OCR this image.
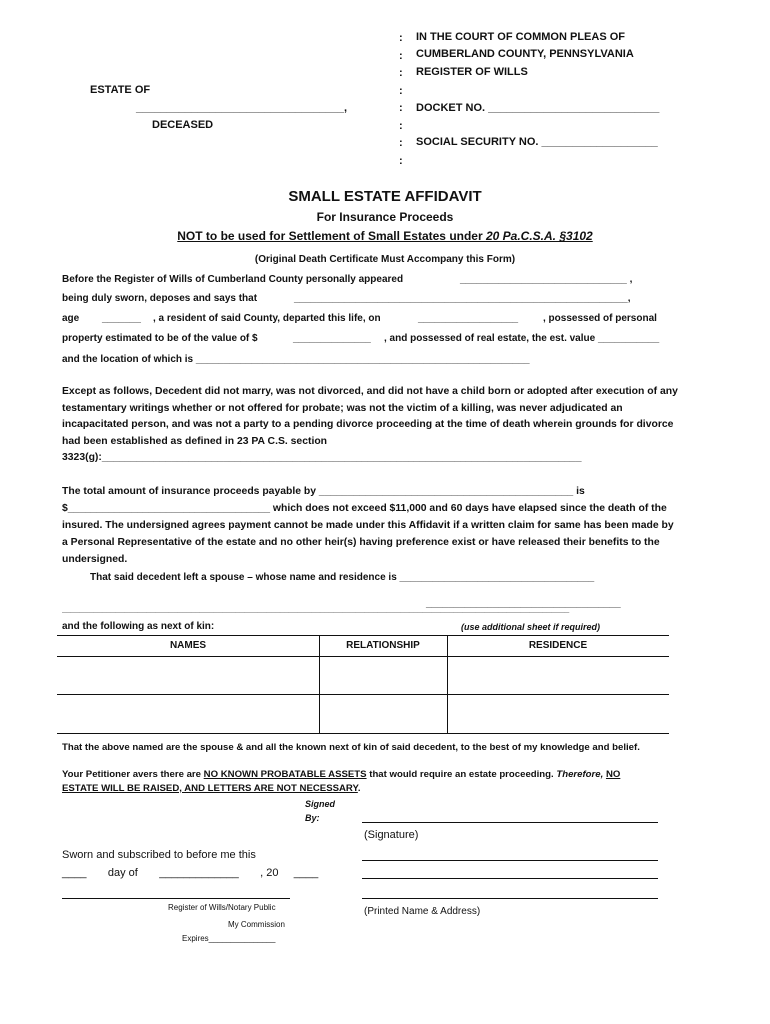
:
:
:
:
:
:
:
:
IN THE COURT OF COMMON PLEAS OF
CUMBERLAND COUNTY, PENNSYLVANIA
REGISTER OF WILLS
ESTATE OF
__________________________________,	DOCKET NO. ____________________________
DECEASED
SOCIAL SECURITY NO. ___________________
SMALL ESTATE AFFIDAVIT
For Insurance Proceeds
NOT to be used for Settlement of Small Estates under 20 Pa.C.S.A. §3102
(Original Death Certificate Must Accompany this Form)
Before the Register of Wills of Cumberland County personally appeared	______________________________ ,
being duly sworn, deposes and says that	____________________________________________________________,
age _______ , a resident of said County, departed this life, on	__________________ , possessed of personal
property estimated to be of the value of $	______________ , and possessed of real estate, the est. value ___________
and the location of which is ____________________________________________________________
Except as follows, Decedent did not marry, was not divorced, and did not have a child born or adopted after execution of any testamentary writings whether or not offered for probate; was not the victim of a killing, was never adjudicated an incapacitated person, and was not a party to a pending divorce proceeding at the time of death wherein grounds for divorce had been established as defined in 23 PA C.S. section 3323(g):___________________________________________________________________________________
The total amount of insurance proceeds payable by ____________________________________________ is $___________________________________ which does not exceed $11,000 and 60 days have elapsed since the death of the insured. The undersigned agrees payment cannot be made under this Affidavit if a written claim for same has been made by a Personal Representative of the estate and no other heir(s) having preference exist or have released their benefits to the undersigned.
That said decedent left a spouse – whose name and residence is ___________________________________
__________________________________________________________________________________________________________________
___________________________________
and the following as next of kin:	(use additional sheet if required)
NAMES	RELATIONSHIP	RESIDENCE
That the above named are the spouse & and all the known next of kin of said decedent, to the best of my knowledge and belief.
Your Petitioner avers there are NO KNOWN PROBATABLE ASSETS that would require an estate proceeding. Therefore, NO ESTATE WILL BE RAISED, AND LETTERS ARE NOT NECESSARY.
Signed
By:
(Signature)
Sworn and subscribed to before me this
____       day of       _____________       , 20     ____
Register of Wills/Notary Public	(Printed Name & Address)
My Commission
Expires_______________
